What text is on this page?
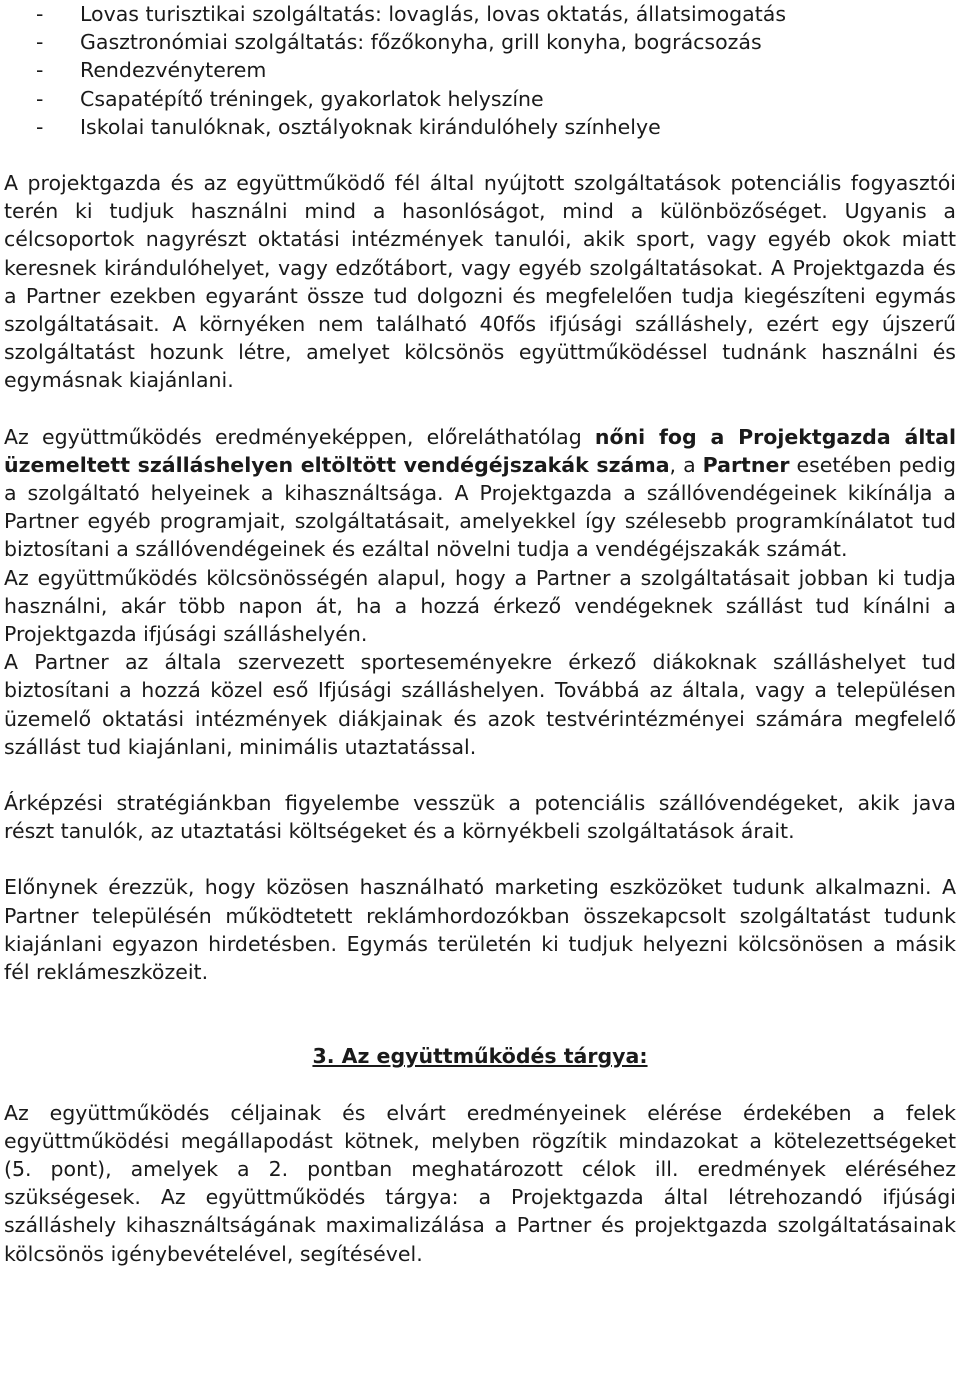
- Lovas turisztikai szolgáltatás: lovaglás, lovas oktatás, állatsimogatás
- Gasztronómiai szolgáltatás: főzőkonyha, grill konyha, bográcsozás
- Rendezvényterem
- Csapatépítő tréningek, gyakorlatok helyszíne
- Iskolai tanulóknak, osztályoknak kirándulóhely színhelye

A projektgazda és az együttműködő fél által nyújtott szolgáltatások potenciális fogyasztói terén ki tudjuk használni mind a hasonlóságot, mind a különbözőséget. Ugyanis a célcsoportok nagyrészt oktatási intézmények tanulói, akik sport, vagy egyéb okok miatt keresnek kirándulóhelyet, vagy edzőtábort, vagy egyéb szolgáltatásokat. A Projektgazda és a Partner ezekben egyaránt össze tud dolgozni és megfelelően tudja kiegészíteni egymás szolgáltatásait. A környéken nem található 40fős ifjúsági szálláshely, ezért egy újszerű szolgáltatást hozunk létre, amelyet kölcsönös együttműködéssel tudnánk használni és egymásnak kiajánlani.

Az együttműködés eredményeképpen, előreláthatólag nőni fog a Projektgazda által üzemeltett szálláshelyen eltöltött vendégéjszakák száma, a Partner esetében pedig a szolgáltató helyeinek a kihasználtsága. A Projektgazda a szállóvendégeinek kikínálja a Partner egyéb programjait, szolgáltatásait, amelyekkel így szélesebb programkínálatot tud biztosítani a szállóvendégeinek és ezáltal növelni tudja a vendégéjszakák számát.

Az együttműködés kölcsönösségén alapul, hogy a Partner a szolgáltatásait jobban ki tudja használni, akár több napon át, ha a hozzá érkező vendégeknek szállást tud kínálni a Projektgazda ifjúsági szálláshelyén.

A Partner az általa szervezett sporteseményekre érkező diákoknak szálláshelyet tud biztosítani a hozzá közel eső Ifjúsági szálláshelyen. Továbbá az általa, vagy a településen üzemelő oktatási intézmények diákjainak és azok testvérintézményei számára megfelelő szállást tud kiajánlani, minimális utaztatással.

Árképzési stratégiánkban figyelembe vesszük a potenciális szállóvendégeket, akik java részt tanulók, az utaztatási költségeket és a környékbeli szolgáltatások árait.

Előnynek érezzük, hogy közösen használható marketing eszközöket tudunk alkalmazni. A Partner településén működtetett reklámhordozókban összekapcsolt szolgáltatást tudunk kiajánlani egyazon hirdetésben. Egymás területén ki tudjuk helyezni kölcsönösen a másik fél reklámeszközeit.

3. Az együttműködés tárgya:

Az együttműködés céljainak és elvárt eredményeinek elérése érdekében a felek együttműködési megállapodást kötnek, melyben rögzítik mindazokat a kötelezettségeket (5. pont), amelyek a 2. pontban meghatározott célok ill. eredmények eléréséhez szükségesek. Az együttműködés tárgya: a Projektgazda által létrehozandó ifjúsági szálláshely kihasználtságának maximalizálása a Partner és projektgazda szolgáltatásainak kölcsönös igénybevételével, segítésével.
